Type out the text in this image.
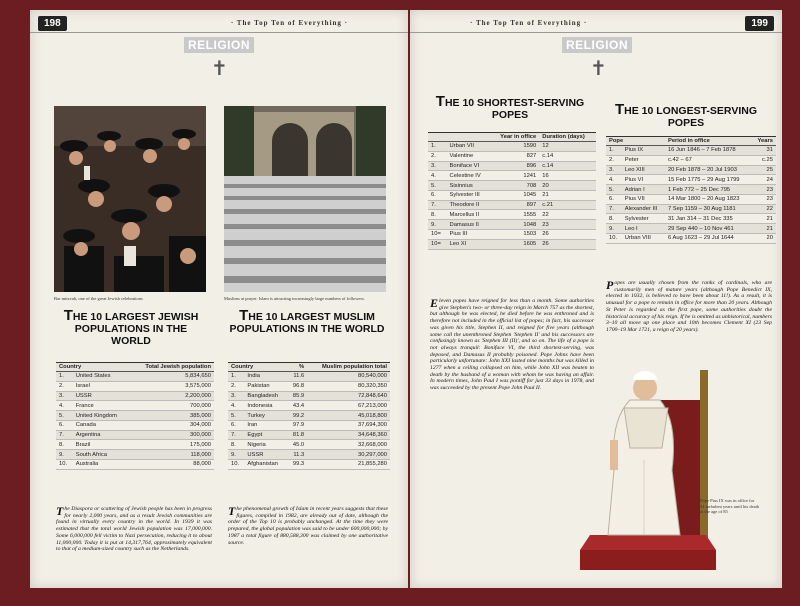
198	· The Top Ten of Everything ·
RELIGION
✝
Bar mitzvah, one of the great Jewish celebrations	Muslims at prayer. Islam is attracting increasingly large numbers of followers.
THE 10 LARGEST JEWISH POPULATIONS IN THE WORLD
Country		Total Jewish population
1.	United States	5,834,650
2.	Israel	3,575,000
3.	USSR	2,200,000
4.	France	700,000
5.	United Kingdom	385,000
6.	Canada	304,000
7.	Argentina	300,000
8.	Brazil	175,000
9.	South Africa	118,000
10.	Australia	88,000
The Diaspora or scattering of Jewish people has been in progress for nearly 2,000 years, and as a result Jewish communities are found in virtually every country in the world. In 1939 it was estimated that the total world Jewish population was 17,000,000. Some 6,000,000 fell victim to Nazi persecution, reducing it to about 11,000,000. Today it is put at 14,317,764, approximately equivalent to that of a medium-sized country such as the Netherlands.
THE 10 LARGEST MUSLIM POPULATIONS IN THE WORLD
Country		%	Muslim population total
1.	India	11.6	80,540,000
2.	Pakistan	96.8	80,320,350
3.	Bangladesh	85.9	72,848,640
4.	Indonesia	43.4	67,213,000
5.	Turkey	99.2	45,018,800
6.	Iran	97.9	37,694,300
7.	Egypt	81.8	34,648,360
8.	Nigeria	45.0	32,668,000
9.	USSR	11.3	30,297,000
10.	Afghanistan	99.3	21,855,280
The phenomenal growth of Islam in recent years suggests that these figures, compiled in 1982, are already out of date, although the order of the Top 10 is probably unchanged. At the time they were prepared, the global population was said to be under 600,000,000; by 1987 a total figure of 880,588,300 was claimed by one authoritative source.
· The Top Ten of Everything ·	199
RELIGION
✝
THE 10 SHORTEST-SERVING POPES
		Year in office	Duration (days)
1.	Urban VII	1590	12
2.	Valentine	827	c.14
3.	Boniface VI	896	c.14
4.	Celestine IV	1241	16
5.	Sisinnius	708	20
6.	Sylvester III	1045	21
7.	Theodore II	897	c.21
8.	Marcellus II	1555	22
9.	Damasus II	1048	23
10=	Pius III	1503	26
10=	Leo XI	1605	26
Eleven popes have reigned for less than a month. Some authorities give Stephen's two- or three-day reign in March 757 as the shortest, but although he was elected, he died before he was enthroned and is therefore not included in the official list of popes; in fact, his successor was given his title, Stephen II, and reigned for five years (although some call the unenthroned Stephen 'Stephen II' and his successors are confusingly known as 'Stephen III (II)', and so on. The life of a pope is not always tranquil: Boniface VI, the third shortest-serving, was deposed, and Damasus II probably poisoned. Pope Johns have been particularly unfortunate: John XXI lasted nine months but was killed in 1277 when a ceiling collapsed on him, while John XII was beaten to death by the husband of a woman with whom he was having an affair. In modern times, John Paul I was pontiff for just 33 days in 1978, and was succeeded by the present Pope John Paul II.
THE 10 LONGEST-SERVING POPES
Pope		Period in office	Years
1.	Pius IX	16 Jun 1846 – 7 Feb 1878	31
2.	Peter	c.42 – 67	c.25
3.	Leo XIII	20 Feb 1878 – 20 Jul 1903	25
4.	Pius VI	15 Feb 1775 – 29 Aug 1799	24
5.	Adrian I	1 Feb 772 – 25 Dec 795	23
6.	Pius VII	14 Mar 1800 – 20 Aug 1823	23
7.	Alexander III	7 Sep 1159 – 30 Aug 1181	22
8.	Sylvester	31 Jan 314 – 31 Dec 335	21
9.	Leo I	29 Sep 440 – 10 Nov 461	21
10.	Urban VIII	6 Aug 1623 – 29 Jul 1644	20
Popes are usually chosen from the ranks of cardinals, who are customarily men of mature years (although Pope Benedict IX, elected in 1032, is believed to have been about 11!). As a result, it is unusual for a pope to remain in office for more than 20 years. Although St Peter is regarded as the first pope, some authorities doubt the historical accuracy of his reign. If he is omitted as unhistorical, numbers 3–10 all move up one place and 10th becomes Clement XI (23 Sep 1700–19 Mar 1721, a reign of 20 years).
Pope Pius IX was in office for 31 turbulent years until his death at the age of 85
